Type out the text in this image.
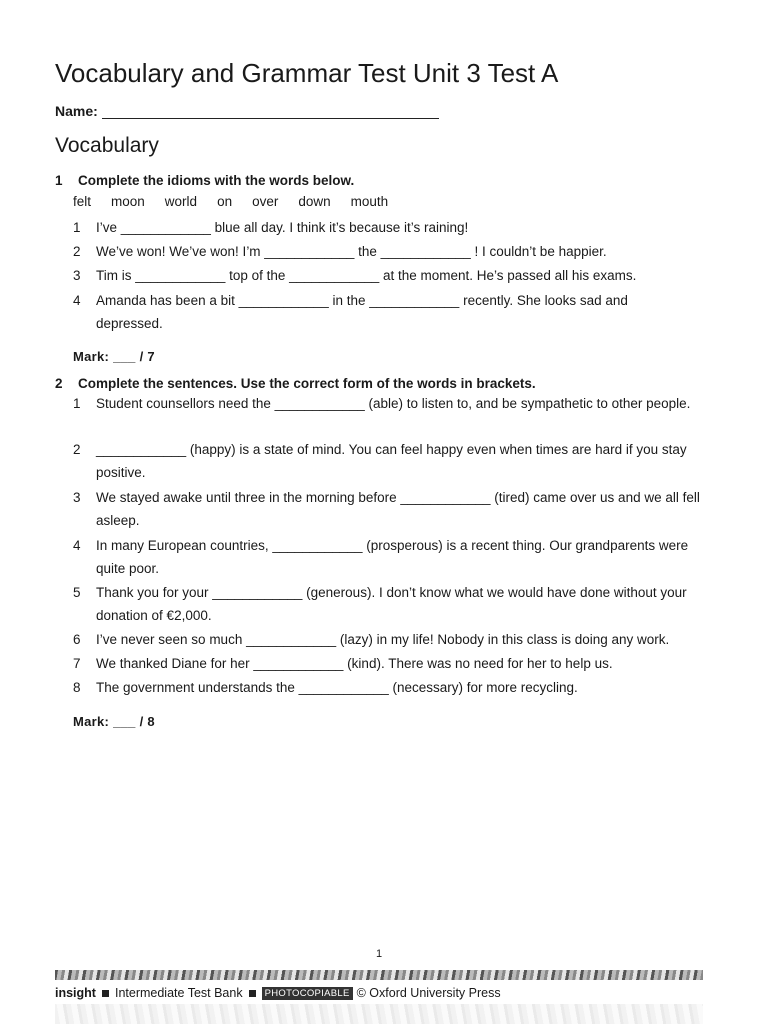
Vocabulary and Grammar Test Unit 3 Test A
Name:
Vocabulary
1 Complete the idioms with the words below.
felt moon world on over down mouth
1	I’ve ____________ blue all day. I think it’s because it’s raining!
2	We’ve won! We’ve won! I’m ____________ the ____________ ! I couldn’t be happier.
3	Tim is ____________ top of the ____________ at the moment. He’s passed all his exams.
4	Amanda has been a bit ____________ in the ____________ recently. She looks sad and depressed.
Mark: ___ / 7
2 Complete the sentences. Use the correct form of the words in brackets.
1	Student counsellors need the ____________ (able) to listen to, and be sympathetic to other people.
2	____________ (happy) is a state of mind. You can feel happy even when times are hard if you stay positive.
3	We stayed awake until three in the morning before ____________ (tired) came over us and we all fell asleep.
4	In many European countries, ____________ (prosperous) is a recent thing. Our grandparents were quite poor.
5	Thank you for your ____________ (generous). I don’t know what we would have done without your donation of €2,000.
6	I’ve never seen so much ____________ (lazy) in my life! Nobody in this class is doing any work.
7	We thanked Diane for her ____________ (kind). There was no need for her to help us.
8	The government understands the ____________ (necessary) for more recycling.
Mark: ___ / 8
1
insight Intermediate Test Bank	PHOTOCOPIABLE © Oxford University Press
